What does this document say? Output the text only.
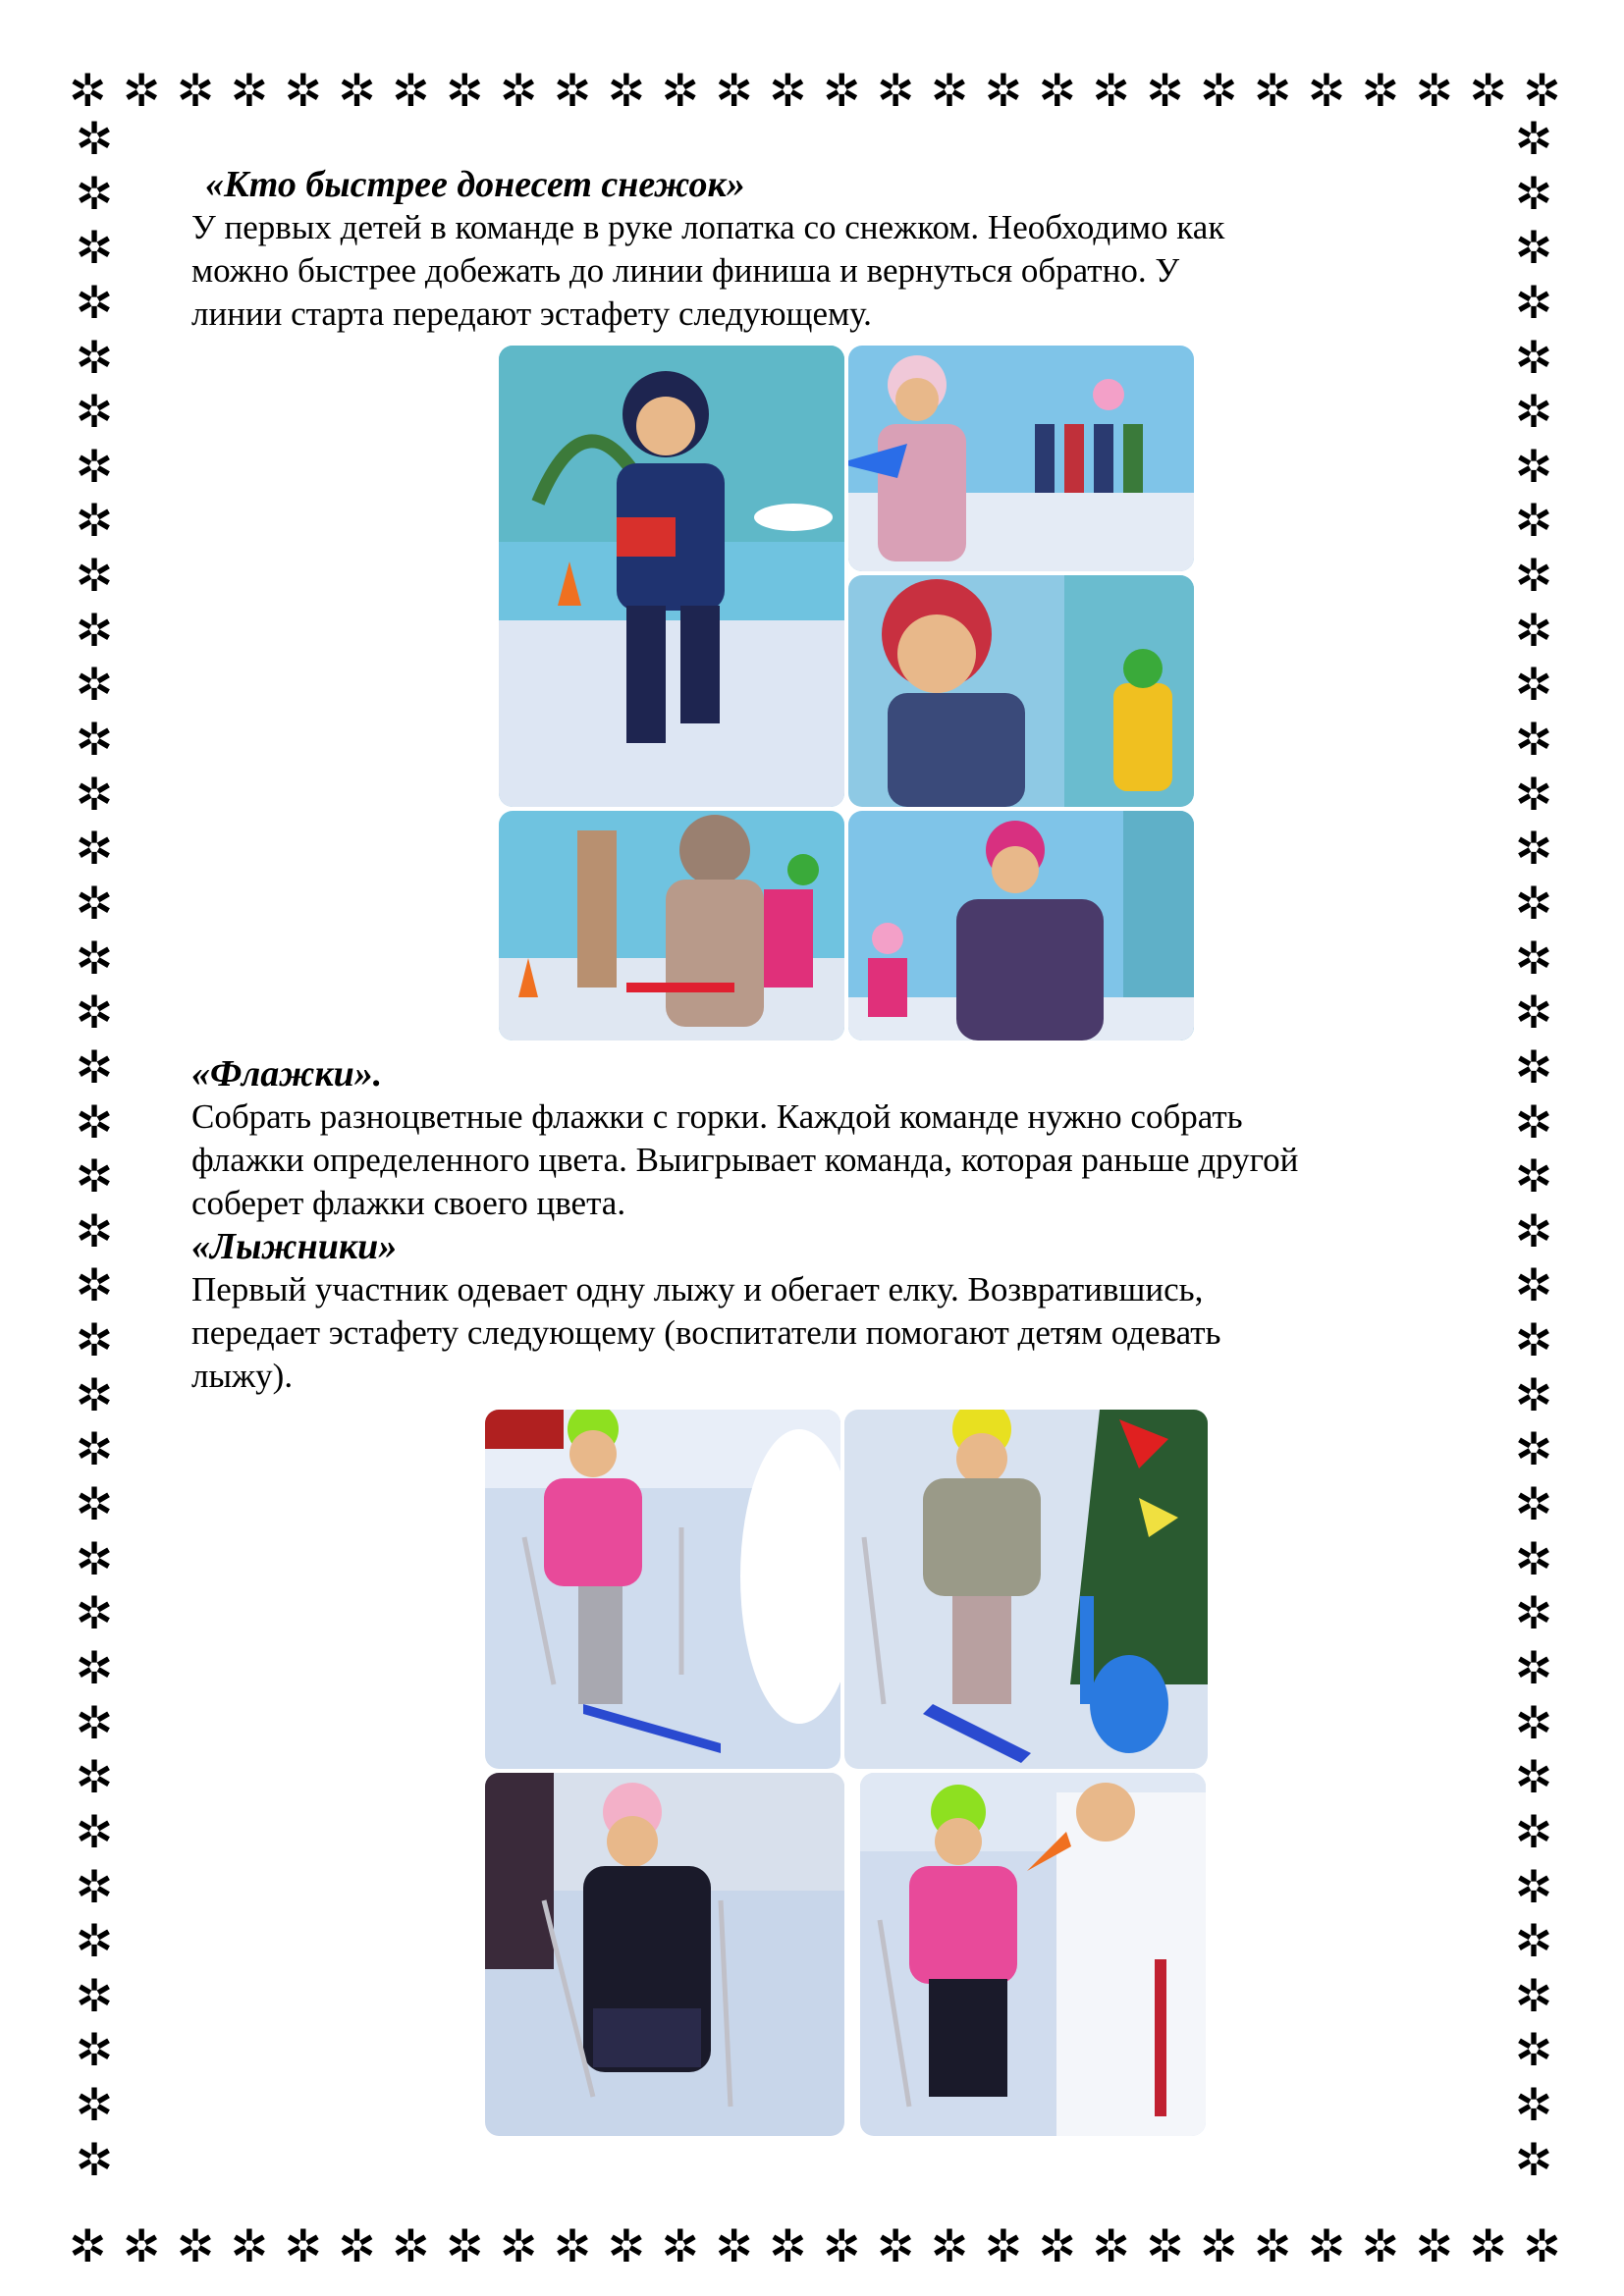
✲ ✲ ✲ ✲ ✲ ✲ ✲ ✲ ✲ ✲ ✲ ✲ ✲ ✲ ✲ ✲ ✲ ✲ ✲ ✲ ✲ ✲ ✲ ✲ ✲ ✲ ✲ ✲
✲ ✲ ✲ ✲ ✲ ✲ ✲ ✲ ✲ ✲ ✲ ✲ ✲ ✲ ✲ ✲ ✲ ✲ ✲ ✲ ✲ ✲ ✲ ✲ ✲ ✲ ✲ ✲
✲
✲
✲
✲
✲
✲
✲
✲
✲
✲
✲
✲
✲
✲
✲
✲
✲
✲
✲
✲
✲
✲
✲
✲
✲
✲
✲
✲
✲
✲
✲
✲
✲
✲
✲
✲
✲
✲
✲
✲
✲
✲
✲
✲
✲
✲
✲
✲
✲
✲
✲
✲
✲
✲
✲
✲
✲
✲
✲
✲
✲
✲
✲
✲
✲
✲
✲
✲
✲
✲
✲
✲
✲
✲
✲
✲

«Кто быстрее донесет снежок»

У первых детей в команде в руке лопатка со снежком. Необходимо как

можно быстрее добежать до линии финиша и вернуться обратно. У

линии старта передают эстафету следующему.

«Флажки».

Собрать разноцветные флажки с горки. Каждой команде нужно собрать

флажки определенного цвета. Выигрывает команда, которая раньше другой

соберет флажки своего цвета.

«Лыжники»

Первый участник одевает одну лыжу и обегает елку. Возвратившись,

передает эстафету следующему (воспитатели помогают детям одевать

лыжу).
